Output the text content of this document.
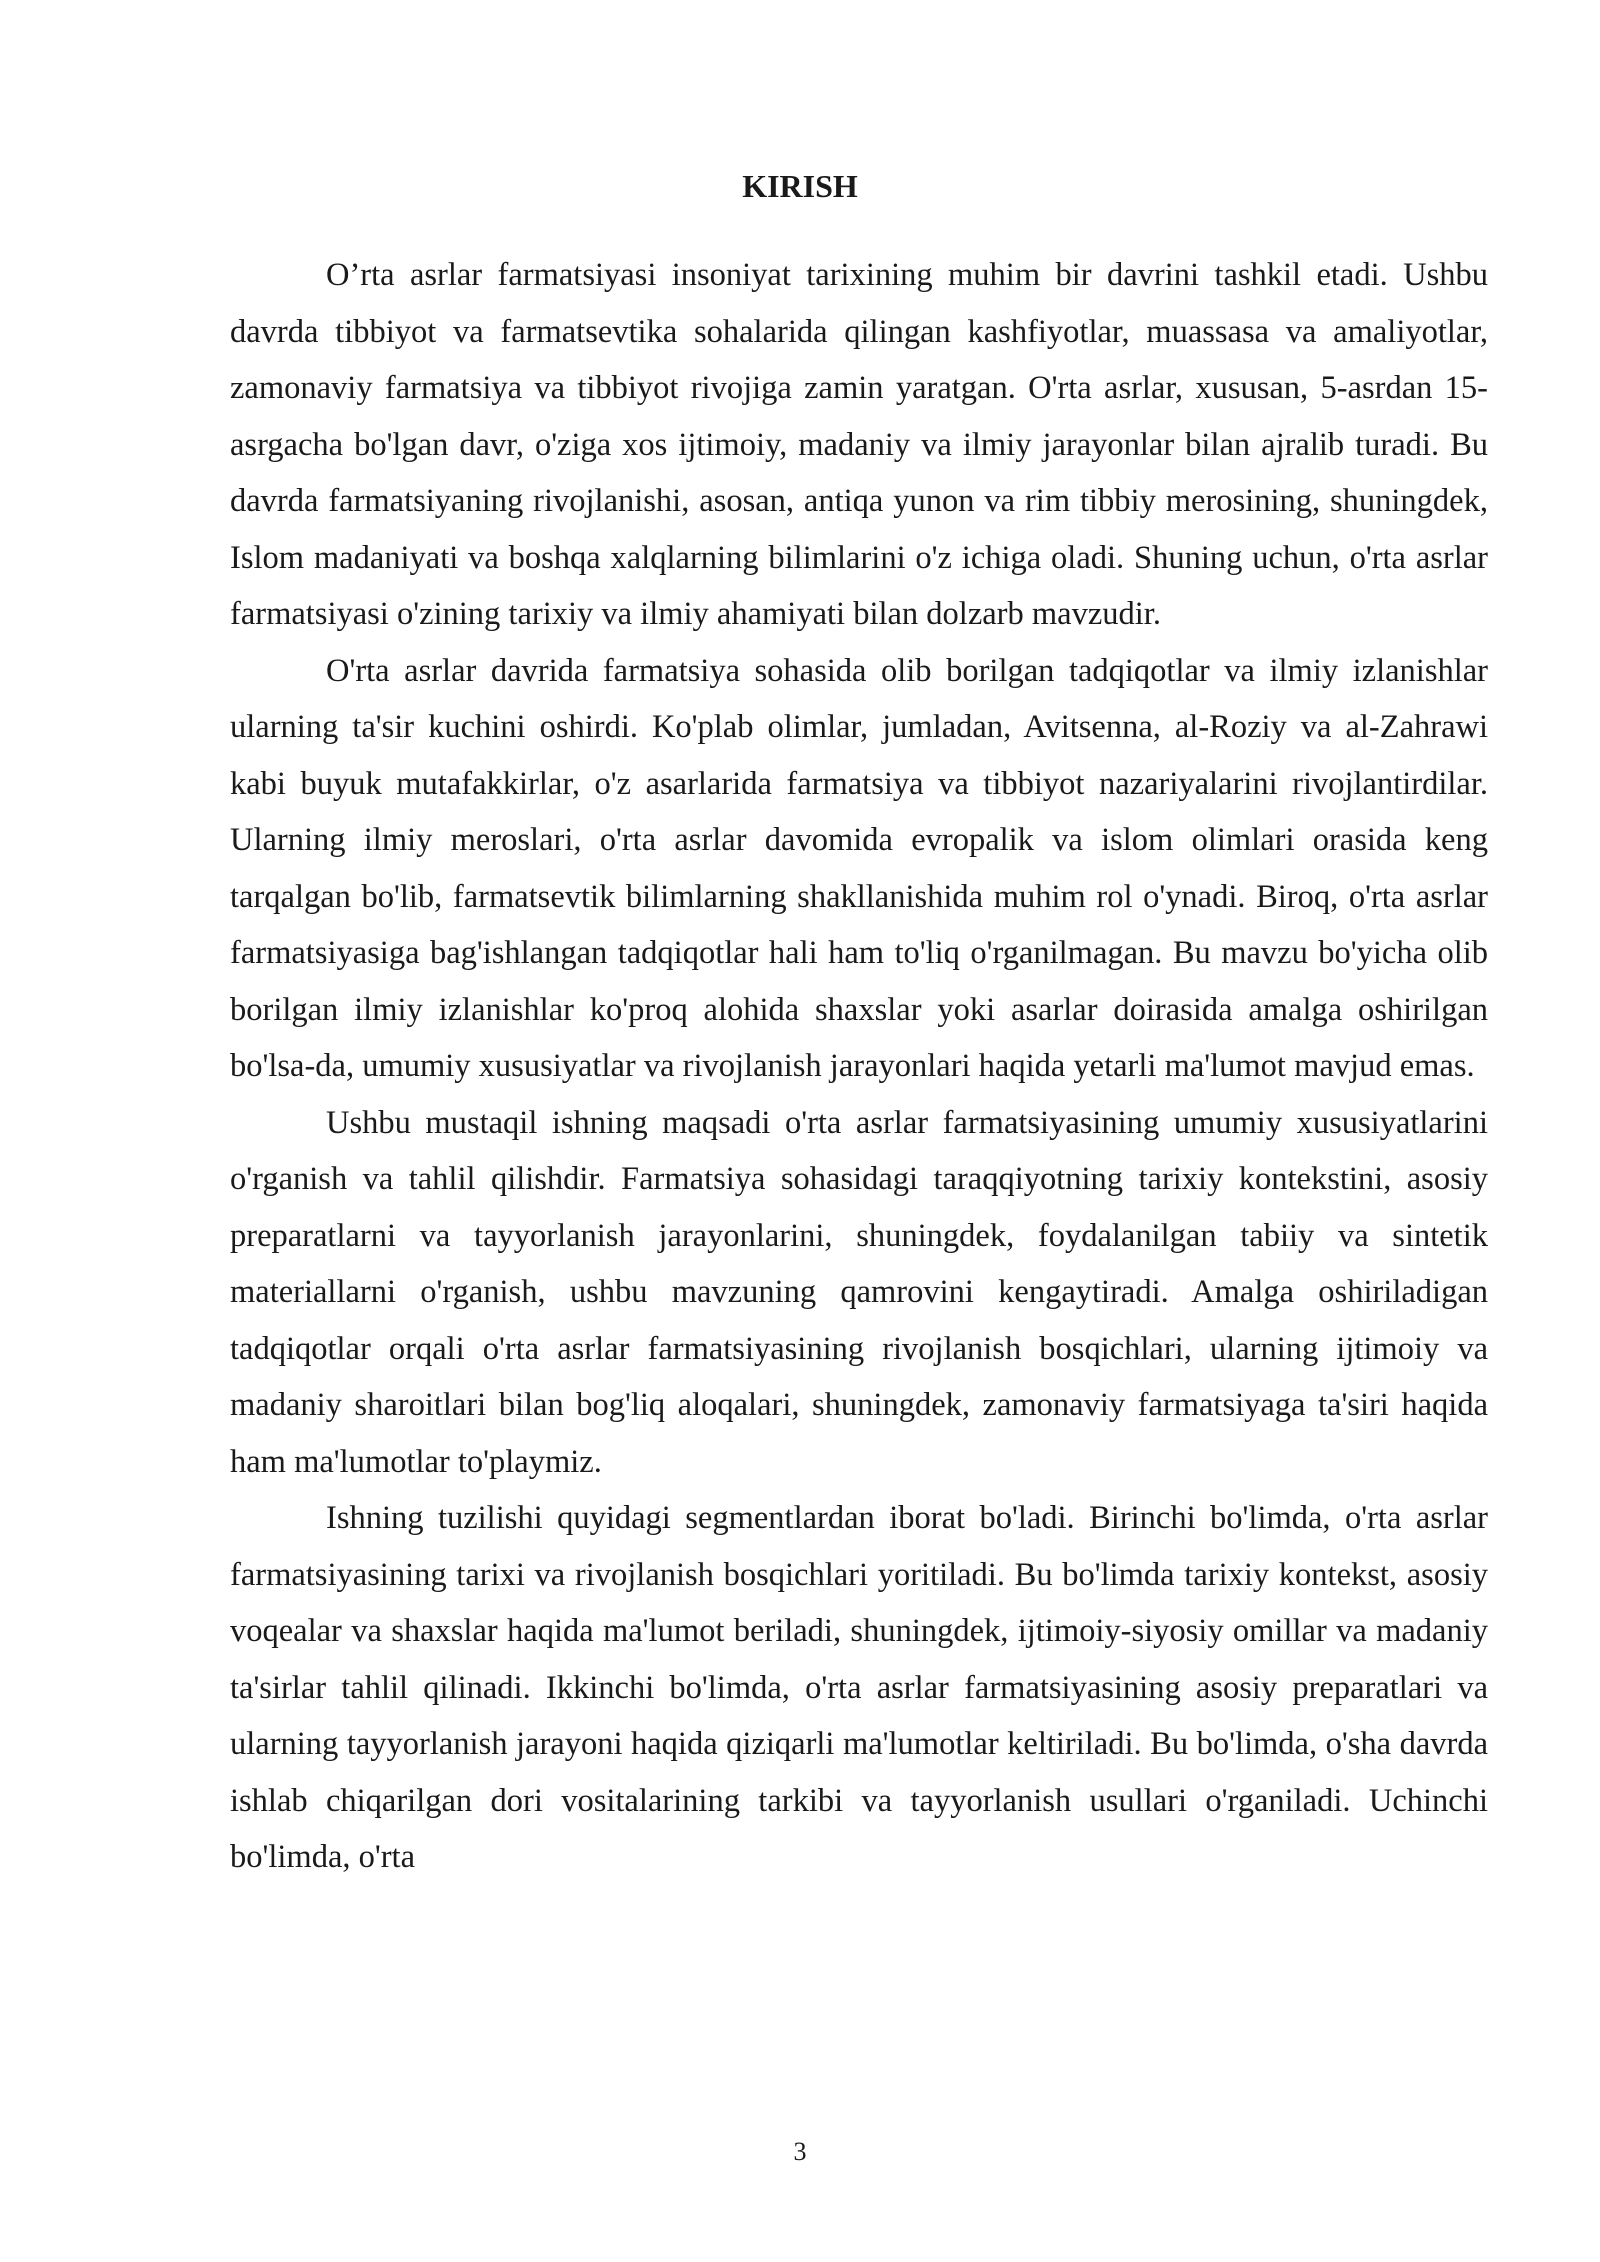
KIRISH

O’rta asrlar farmatsiyasi insoniyat tarixining muhim bir davrini tashkil etadi. Ushbu davrda tibbiyot va farmatsevtika sohalarida qilingan kashfiyotlar, muassasa va amaliyotlar, zamonaviy farmatsiya va tibbiyot rivojiga zamin yaratgan. O'rta asrlar, xususan, 5-asrdan 15-asrgacha bo'lgan davr, o'ziga xos ijtimoiy, madaniy va ilmiy jarayonlar bilan ajralib turadi. Bu davrda farmatsiyaning rivojlanishi, asosan, antiqa yunon va rim tibbiy merosining, shuningdek, Islom madaniyati va boshqa xalqlarning bilimlarini o'z ichiga oladi. Shuning uchun, o'rta asrlar farmatsiyasi o'zining tarixiy va ilmiy ahamiyati bilan dolzarb mavzudir.

O'rta asrlar davrida farmatsiya sohasida olib borilgan tadqiqotlar va ilmiy izlanishlar ularning ta'sir kuchini oshirdi. Ko'plab olimlar, jumladan, Avitsenna, al-Roziy va al-Zahrawi kabi buyuk mutafakkirlar, o'z asarlarida farmatsiya va tibbiyot nazariyalarini rivojlantirdilar. Ularning ilmiy meroslari, o'rta asrlar davomida evropalik va islom olimlari orasida keng tarqalgan bo'lib, farmatsevtik bilimlarning shakllanishida muhim rol o'ynadi. Biroq, o'rta asrlar farmatsiyasiga bag'ishlangan tadqiqotlar hali ham to'liq o'rganilmagan. Bu mavzu bo'yicha olib borilgan ilmiy izlanishlar ko'proq alohida shaxslar yoki asarlar doirasida amalga oshirilgan bo'lsa-da, umumiy xususiyatlar va rivojlanish jarayonlari haqida yetarli ma'lumot mavjud emas.

Ushbu mustaqil ishning maqsadi o'rta asrlar farmatsiyasining umumiy xususiyatlarini o'rganish va tahlil qilishdir. Farmatsiya sohasidagi taraqqiyotning tarixiy kontekstini, asosiy preparatlarni va tayyorlanish jarayonlarini, shuningdek, foydalanilgan tabiiy va sintetik materiallarni o'rganish, ushbu mavzuning qamrovini kengaytiradi. Amalga oshiriladigan tadqiqotlar orqali o'rta asrlar farmatsiyasining rivojlanish bosqichlari, ularning ijtimoiy va madaniy sharoitlari bilan bog'liq aloqalari, shuningdek, zamonaviy farmatsiyaga ta'siri haqida ham ma'lumotlar to'playmiz.

Ishning tuzilishi quyidagi segmentlardan iborat bo'ladi. Birinchi bo'limda, o'rta asrlar farmatsiyasining tarixi va rivojlanish bosqichlari yoritiladi. Bu bo'limda tarixiy kontekst, asosiy voqealar va shaxslar haqida ma'lumot beriladi, shuningdek, ijtimoiy-siyosiy omillar va madaniy ta'sirlar tahlil qilinadi. Ikkinchi bo'limda, o'rta asrlar farmatsiyasining asosiy preparatlari va ularning tayyorlanish jarayoni haqida qiziqarli ma'lumotlar keltiriladi. Bu bo'limda, o'sha davrda ishlab chiqarilgan dori vositalarining tarkibi va tayyorlanish usullari o'rganiladi. Uchinchi bo'limda, o'rta

3
